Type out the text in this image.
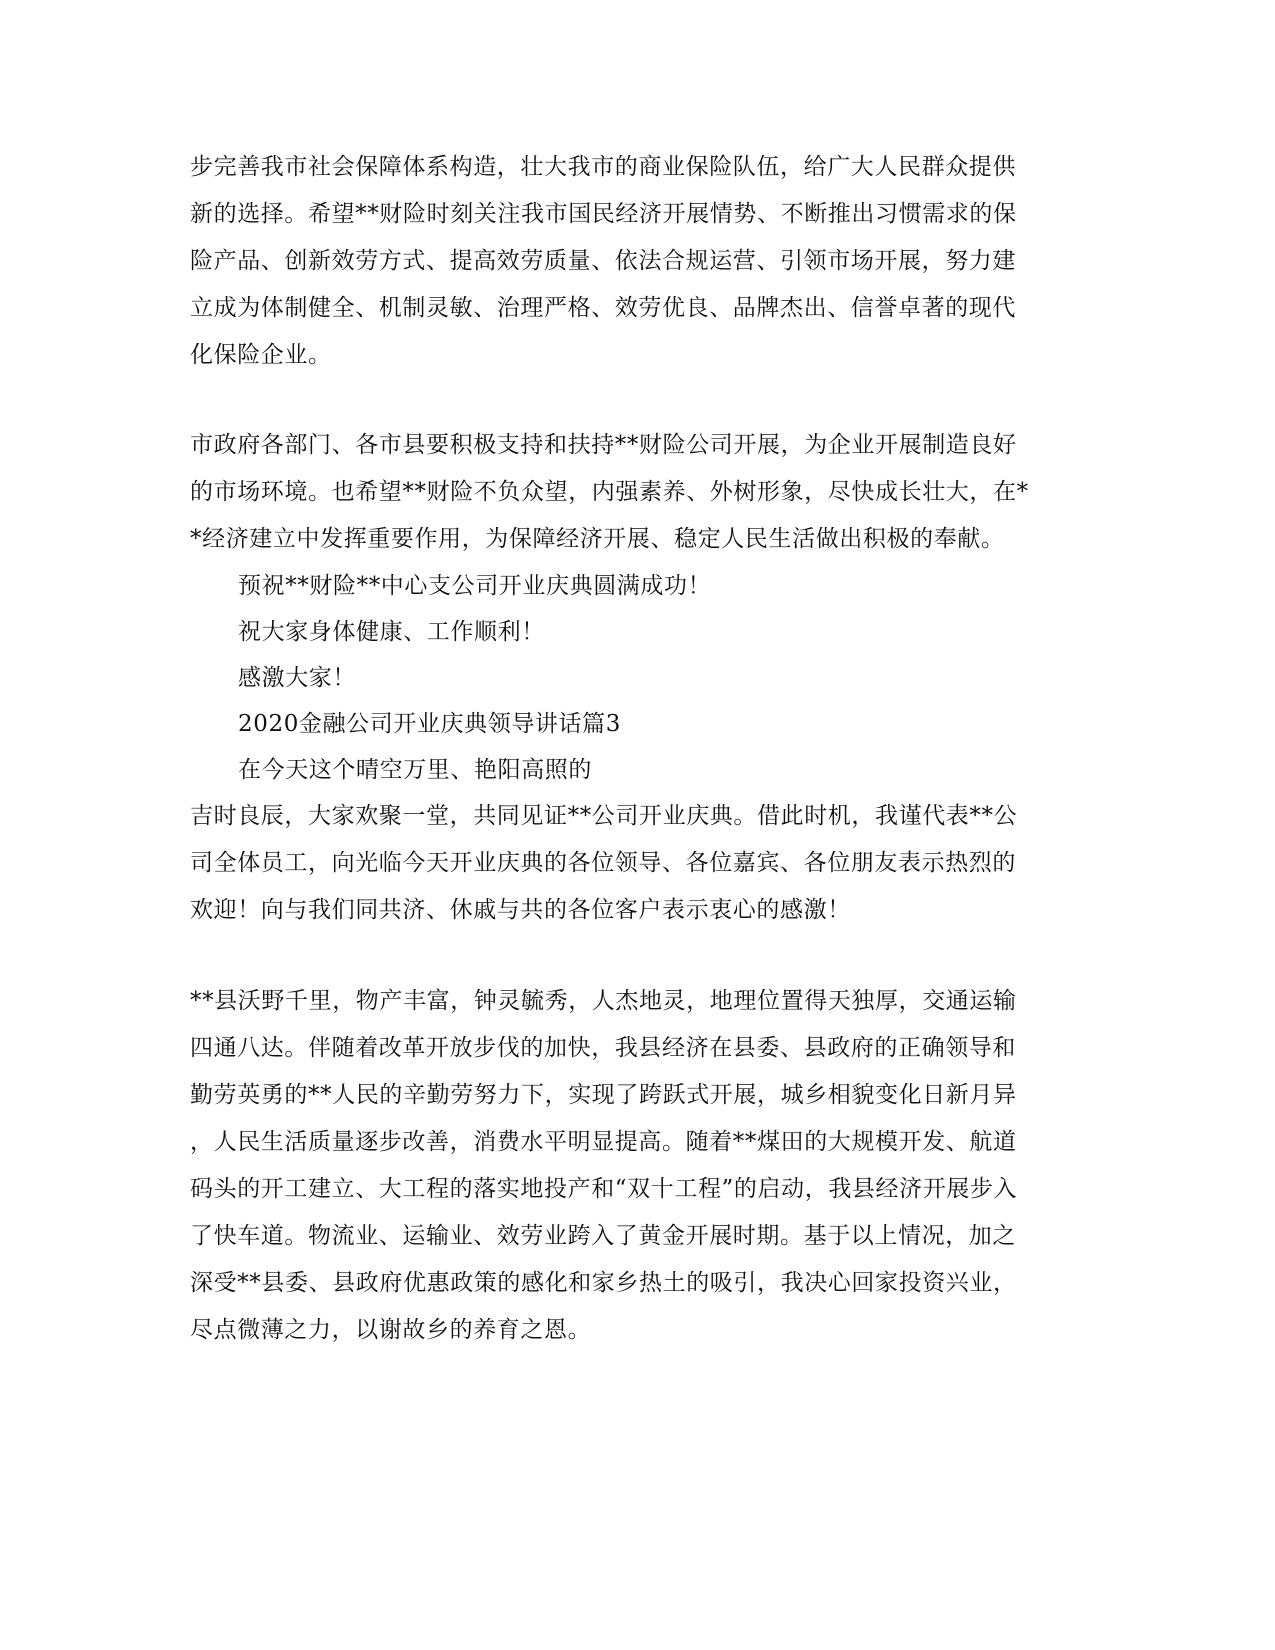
步完善我市社会保障体系构造，壮大我市的商业保险队伍，给广大人民群众提供
新的选择。希望**财险时刻关注我市国民经济开展情势、不断推出习惯需求的保
险产品、创新效劳方式、提高效劳质量、依法合规运营、引领市场开展，努力建
立成为体制健全、机制灵敏、治理严格、效劳优良、品牌杰出、信誉卓著的现代
化保险企业。
市政府各部门、各市县要积极支持和扶持**财险公司开展，为企业开展制造良好
的市场环境。也希望**财险不负众望，内强素养、外树形象，尽快成长壮大，在*
*经济建立中发挥重要作用，为保障经济开展、稳定人民生活做出积极的奉献。
预祝**财险**中心支公司开业庆典圆满成功！
祝大家身体健康、工作顺利！
感激大家！
2020金融公司开业庆典领导讲话篇3
在今天这个晴空万里、艳阳高照的
吉时良辰，大家欢聚一堂，共同见证**公司开业庆典。借此时机，我谨代表**公
司全体员工，向光临今天开业庆典的各位领导、各位嘉宾、各位朋友表示热烈的
欢迎！向与我们同共济、休戚与共的各位客户表示衷心的感激！
**县沃野千里，物产丰富，钟灵毓秀，人杰地灵，地理位置得天独厚，交通运输
四通八达。伴随着改革开放步伐的加快，我县经济在县委、县政府的正确领导和
勤劳英勇的**人民的辛勤劳努力下，实现了跨跃式开展，城乡相貌变化日新月异
，人民生活质量逐步改善，消费水平明显提高。随着**煤田的大规模开发、航道
码头的开工建立、大工程的落实地投产和“双十工程”的启动，我县经济开展步入
了快车道。物流业、运输业、效劳业跨入了黄金开展时期。基于以上情况，加之
深受**县委、县政府优惠政策的感化和家乡热土的吸引，我决心回家投资兴业，
尽点微薄之力，以谢故乡的养育之恩。
